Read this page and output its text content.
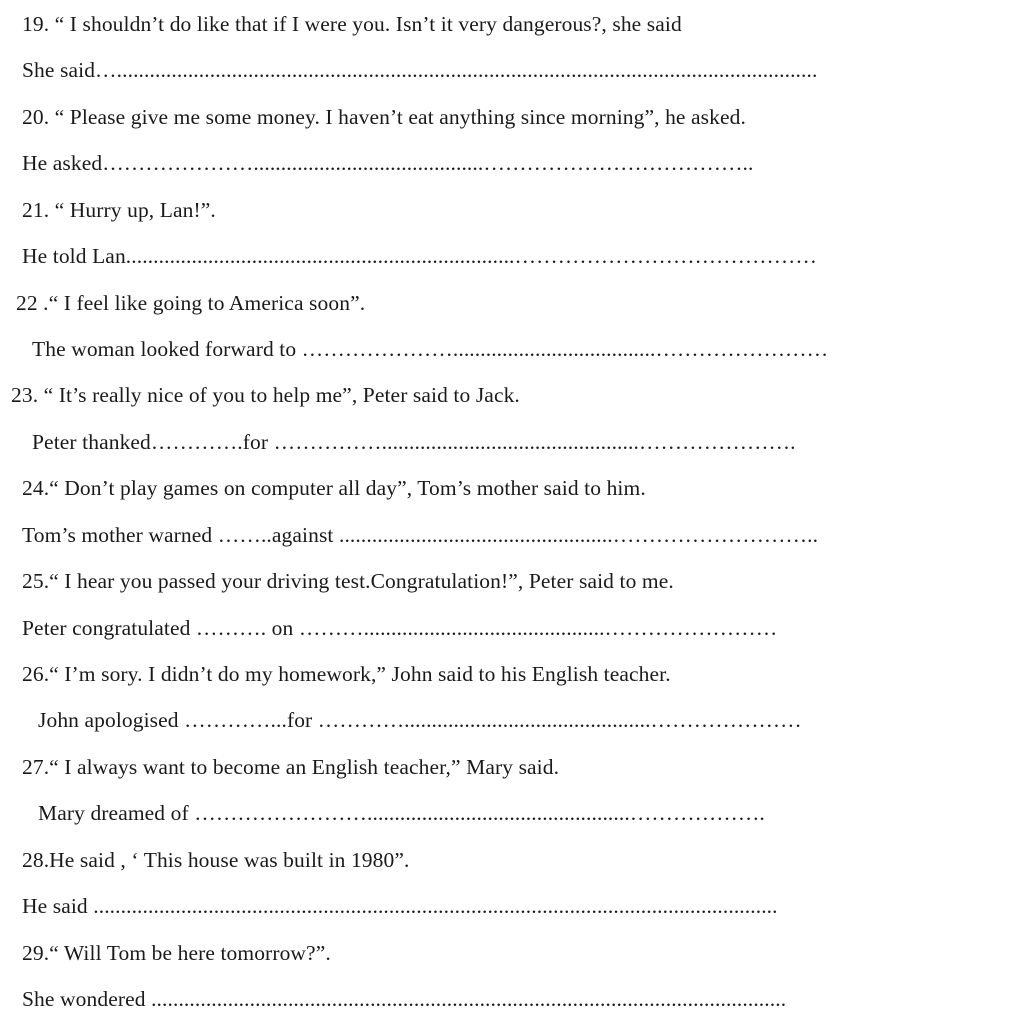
19. “ I shouldn’t do like that if I were you. Isn’t it very dangerous?, she said
She said…................................................................................................................................
20. “ Please give me some money. I haven’t eat anything since morning”, he asked.
He asked…………………..........................................………………………………..
21. “ Hurry up, Lan!”.
He told Lan.......................................................................……………………………………
22 .“ I feel like going to America soon”.
The woman looked forward to ………………….....................................……………………
23. “ It’s really nice of you to help me”, Peter said to Jack.
Peter thanked………….for ……………...............................................………………….
24.“ Don’t play games on computer all day”, Tom’s mother said to him.
Tom’s mother warned ……..against ..................................................………………………..
25.“ I hear you passed your driving test.Congratulation!”, Peter said to me.
Peter congratulated ………. on ………............................................……………………
26.“ I’m sory. I didn’t do my homework,” John said to his English teacher.
John apologised …………...for ………….............................................…………………
27.“ I always want to become an English teacher,” Mary said.
Mary dreamed of ……………………................................................……………….
28.He said , ‘ This house was built in 1980”.
He said .............................................................................................................................
29.“ Will Tom be here tomorrow?”.
She wondered ....................................................................................................................
